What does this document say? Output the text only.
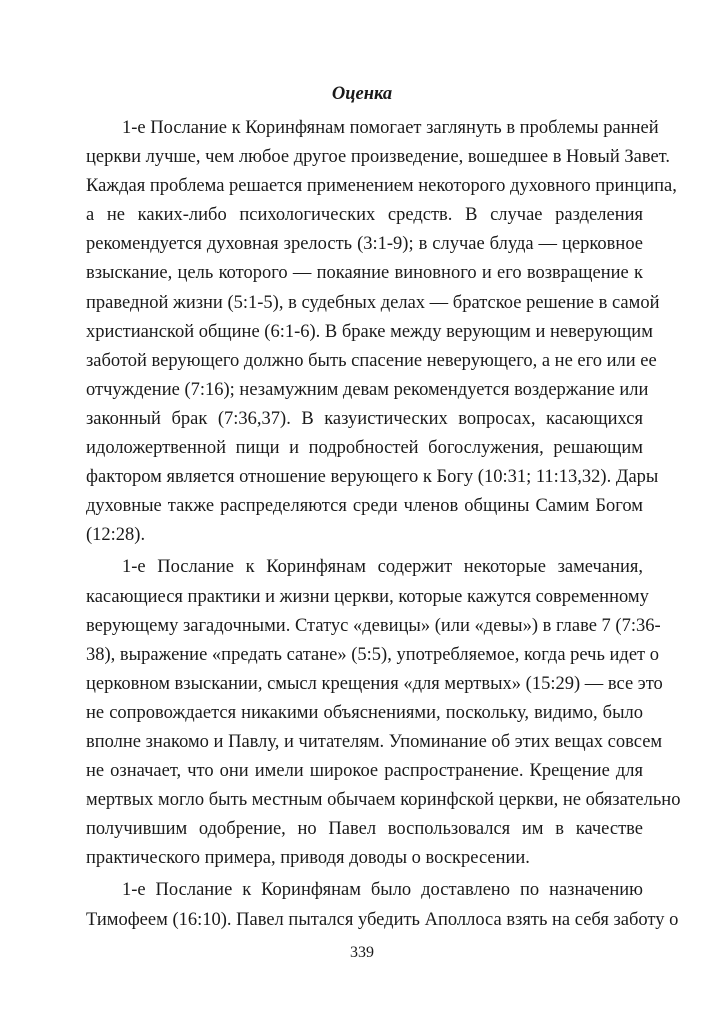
Оценка
1-е Послание к Коринфянам помогает заглянуть в проблемы ранней
церкви лучше, чем любое другое произведение, вошедшее в Новый Завет.
Каждая проблема решается применением некоторого духовного принципа,
а не каких-либо психологических средств. В случае разделения
рекомендуется духовная зрелость (3:1-9); в случае блуда — церковное
взыскание, цель которого — покаяние виновного и его возвращение к
праведной жизни (5:1-5), в судебных делах — братское решение в самой
христианской общине (6:1-6). В браке между верующим и неверующим
заботой верующего должно быть спасение неверующего, а не его или ее
отчуждение (7:16); незамужним девам рекомендуется воздержание или
законный брак (7:36,37). В казуистических вопросах, касающихся
идоложертвенной пищи и подробностей богослужения, решающим
фактором является отношение верующего к Богу (10:31; 11:13,32). Дары
духовные также распределяются среди членов общины Самим Богом
(12:28).
1-е Послание к Коринфянам содержит некоторые замечания,
касающиеся практики и жизни церкви, которые кажутся современному
верующему загадочными. Статус «девицы» (или «девы») в главе 7 (7:36-
38), выражение «предать сатане» (5:5), употребляемое, когда речь идет о
церковном взыскании, смысл крещения «для мертвых» (15:29) — все это
не сопровождается никакими объяснениями, поскольку, видимо, было
вполне знакомо и Павлу, и читателям. Упоминание об этих вещах совсем
не означает, что они имели широкое распространение. Крещение для
мертвых могло быть местным обычаем коринфской церкви, не обязательно
получившим одобрение, но Павел воспользовался им в качестве
практического примера, приводя доводы о воскресении.
1-е Послание к Коринфянам было доставлено по назначению
Тимофеем (16:10). Павел пытался убедить Аполлоса взять на себя заботу о
339
